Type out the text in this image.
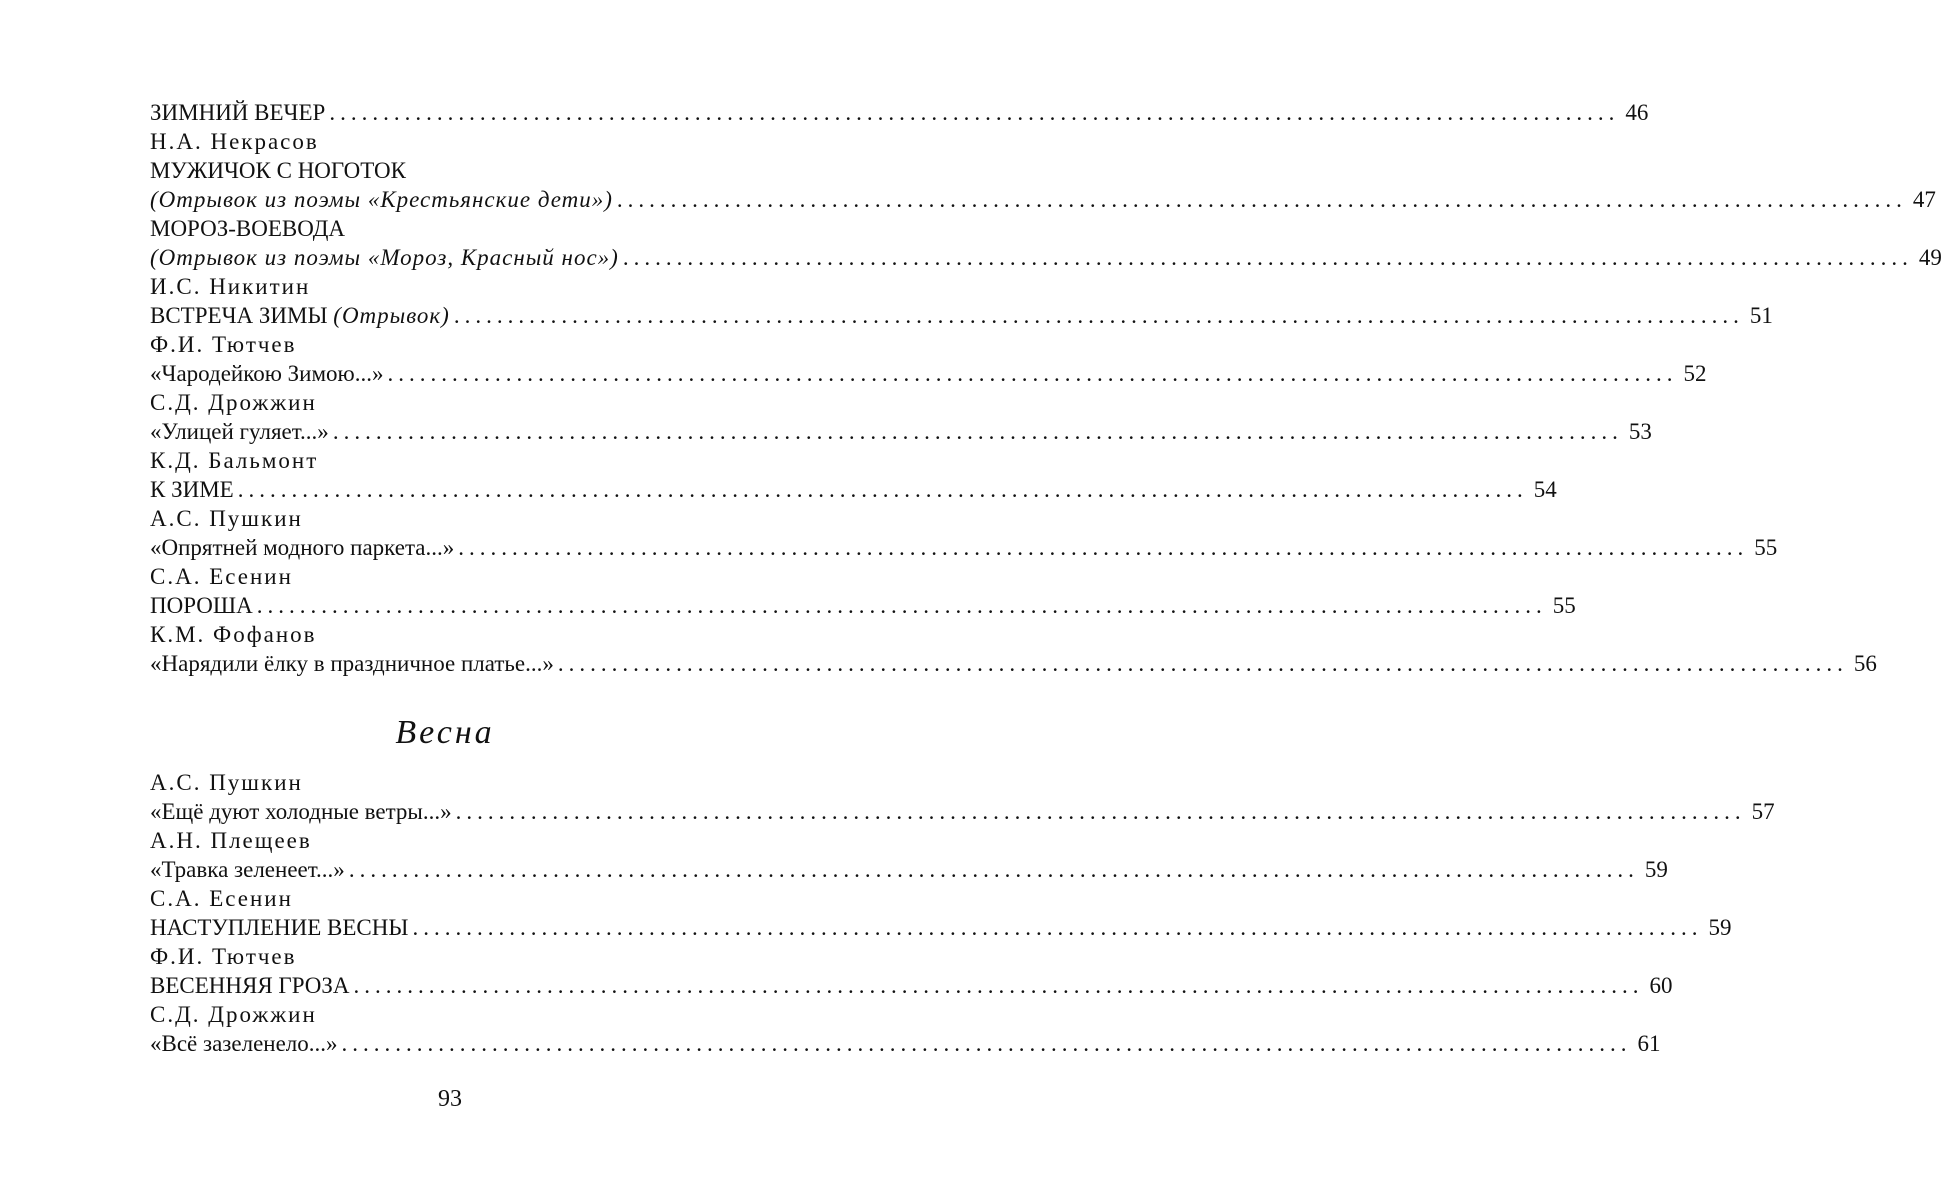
ЗИМНИЙ ВЕЧЕР ........................................................................................................................ 46
Н.А. Некрасов
МУЖИЧОК С НОГОТОК
(Отрывок из поэмы «Крестьянские дети») ........................................................................................................................ 47
МОРОЗ-ВОЕВОДА
(Отрывок из поэмы «Мороз, Красный нос») ........................................................................................................................ 49
И.С. Никитин
ВСТРЕЧА ЗИМЫ (Отрывок) ........................................................................................................................ 51
Ф.И. Тютчев
«Чародейкою Зимою...» ........................................................................................................................ 52
С.Д. Дрожжин
«Улицей гуляет...» ........................................................................................................................ 53
К.Д. Бальмонт
К ЗИМЕ ........................................................................................................................ 54
А.С. Пушкин
«Опрятней модного паркета...» ........................................................................................................................ 55
С.А. Есенин
ПОРОША ........................................................................................................................ 55
К.М. Фофанов
«Нарядили ёлку в праздничное платье...» ........................................................................................................................ 56
Весна
А.С. Пушкин
«Ещё дуют холодные ветры...» ........................................................................................................................ 57
А.Н. Плещеев
«Травка зеленеет...» ........................................................................................................................ 59
С.А. Есенин
НАСТУПЛЕНИЕ ВЕСНЫ ........................................................................................................................ 59
Ф.И. Тютчев
ВЕСЕННЯЯ ГРОЗА ........................................................................................................................ 60
С.Д. Дрожжин
«Всё зазеленело...» ........................................................................................................................ 61
93
